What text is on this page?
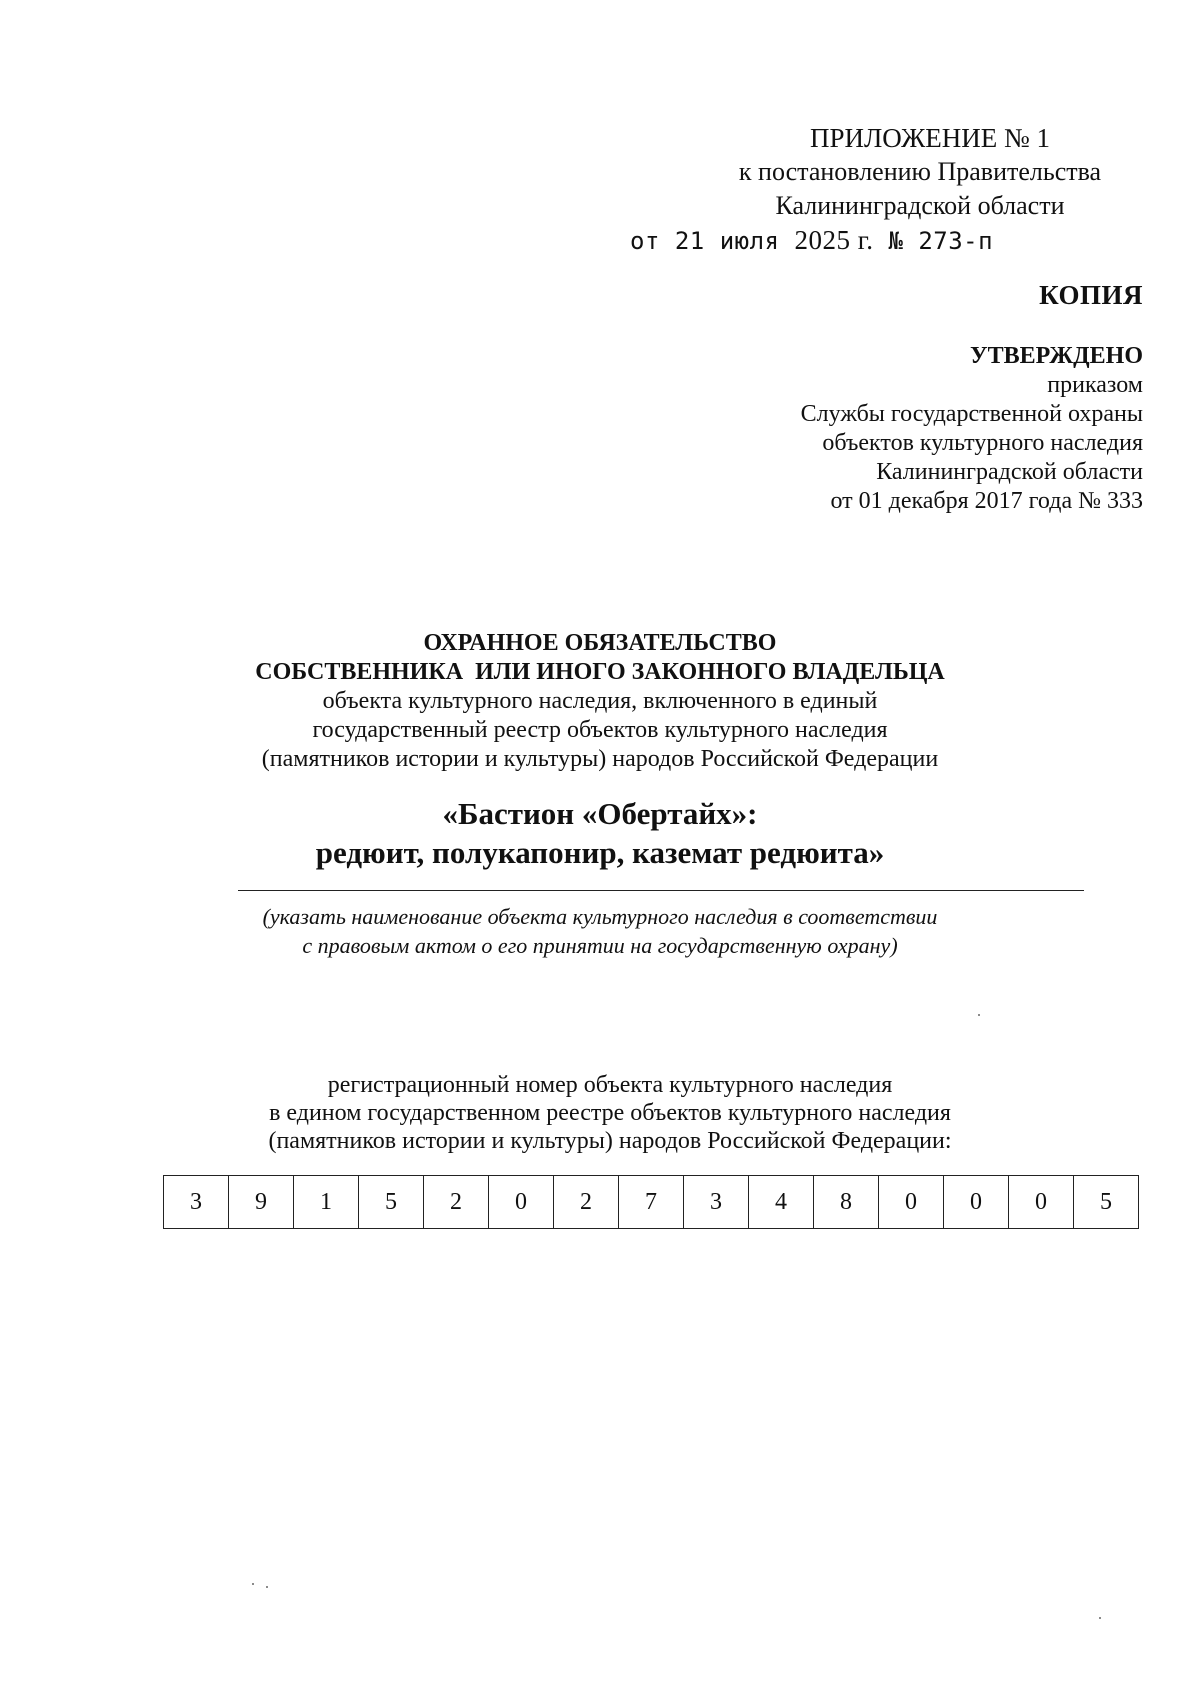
ПРИЛОЖЕНИЕ № 1
к постановлению Правительства
Калининградской области
от 21 июля 2025 г. № 273-п
КОПИЯ
УТВЕРЖДЕНО
приказом
Службы государственной охраны
объектов культурного наследия
Калининградской области
от 01 декабря 2017 года № 333
ОХРАННОЕ ОБЯЗАТЕЛЬСТВО
СОБСТВЕННИКА  ИЛИ ИНОГО ЗАКОННОГО ВЛАДЕЛЬЦА
объекта культурного наследия, включенного в единый
государственный реестр объектов культурного наследия
(памятников истории и культуры) народов Российской Федерации
«Бастион «Обертайх»:
редюит, полукапонир, каземат редюита»
(указать наименование объекта культурного наследия в соответствии
с правовым актом о его принятии на государственную охрану)
регистрационный номер объекта культурного наследия
в едином государственном реестре объектов культурного наследия
(памятников истории и культуры) народов Российской Федерации:
3	9	1	5	2	0	2	7	3	4	8	0	0	0	5
